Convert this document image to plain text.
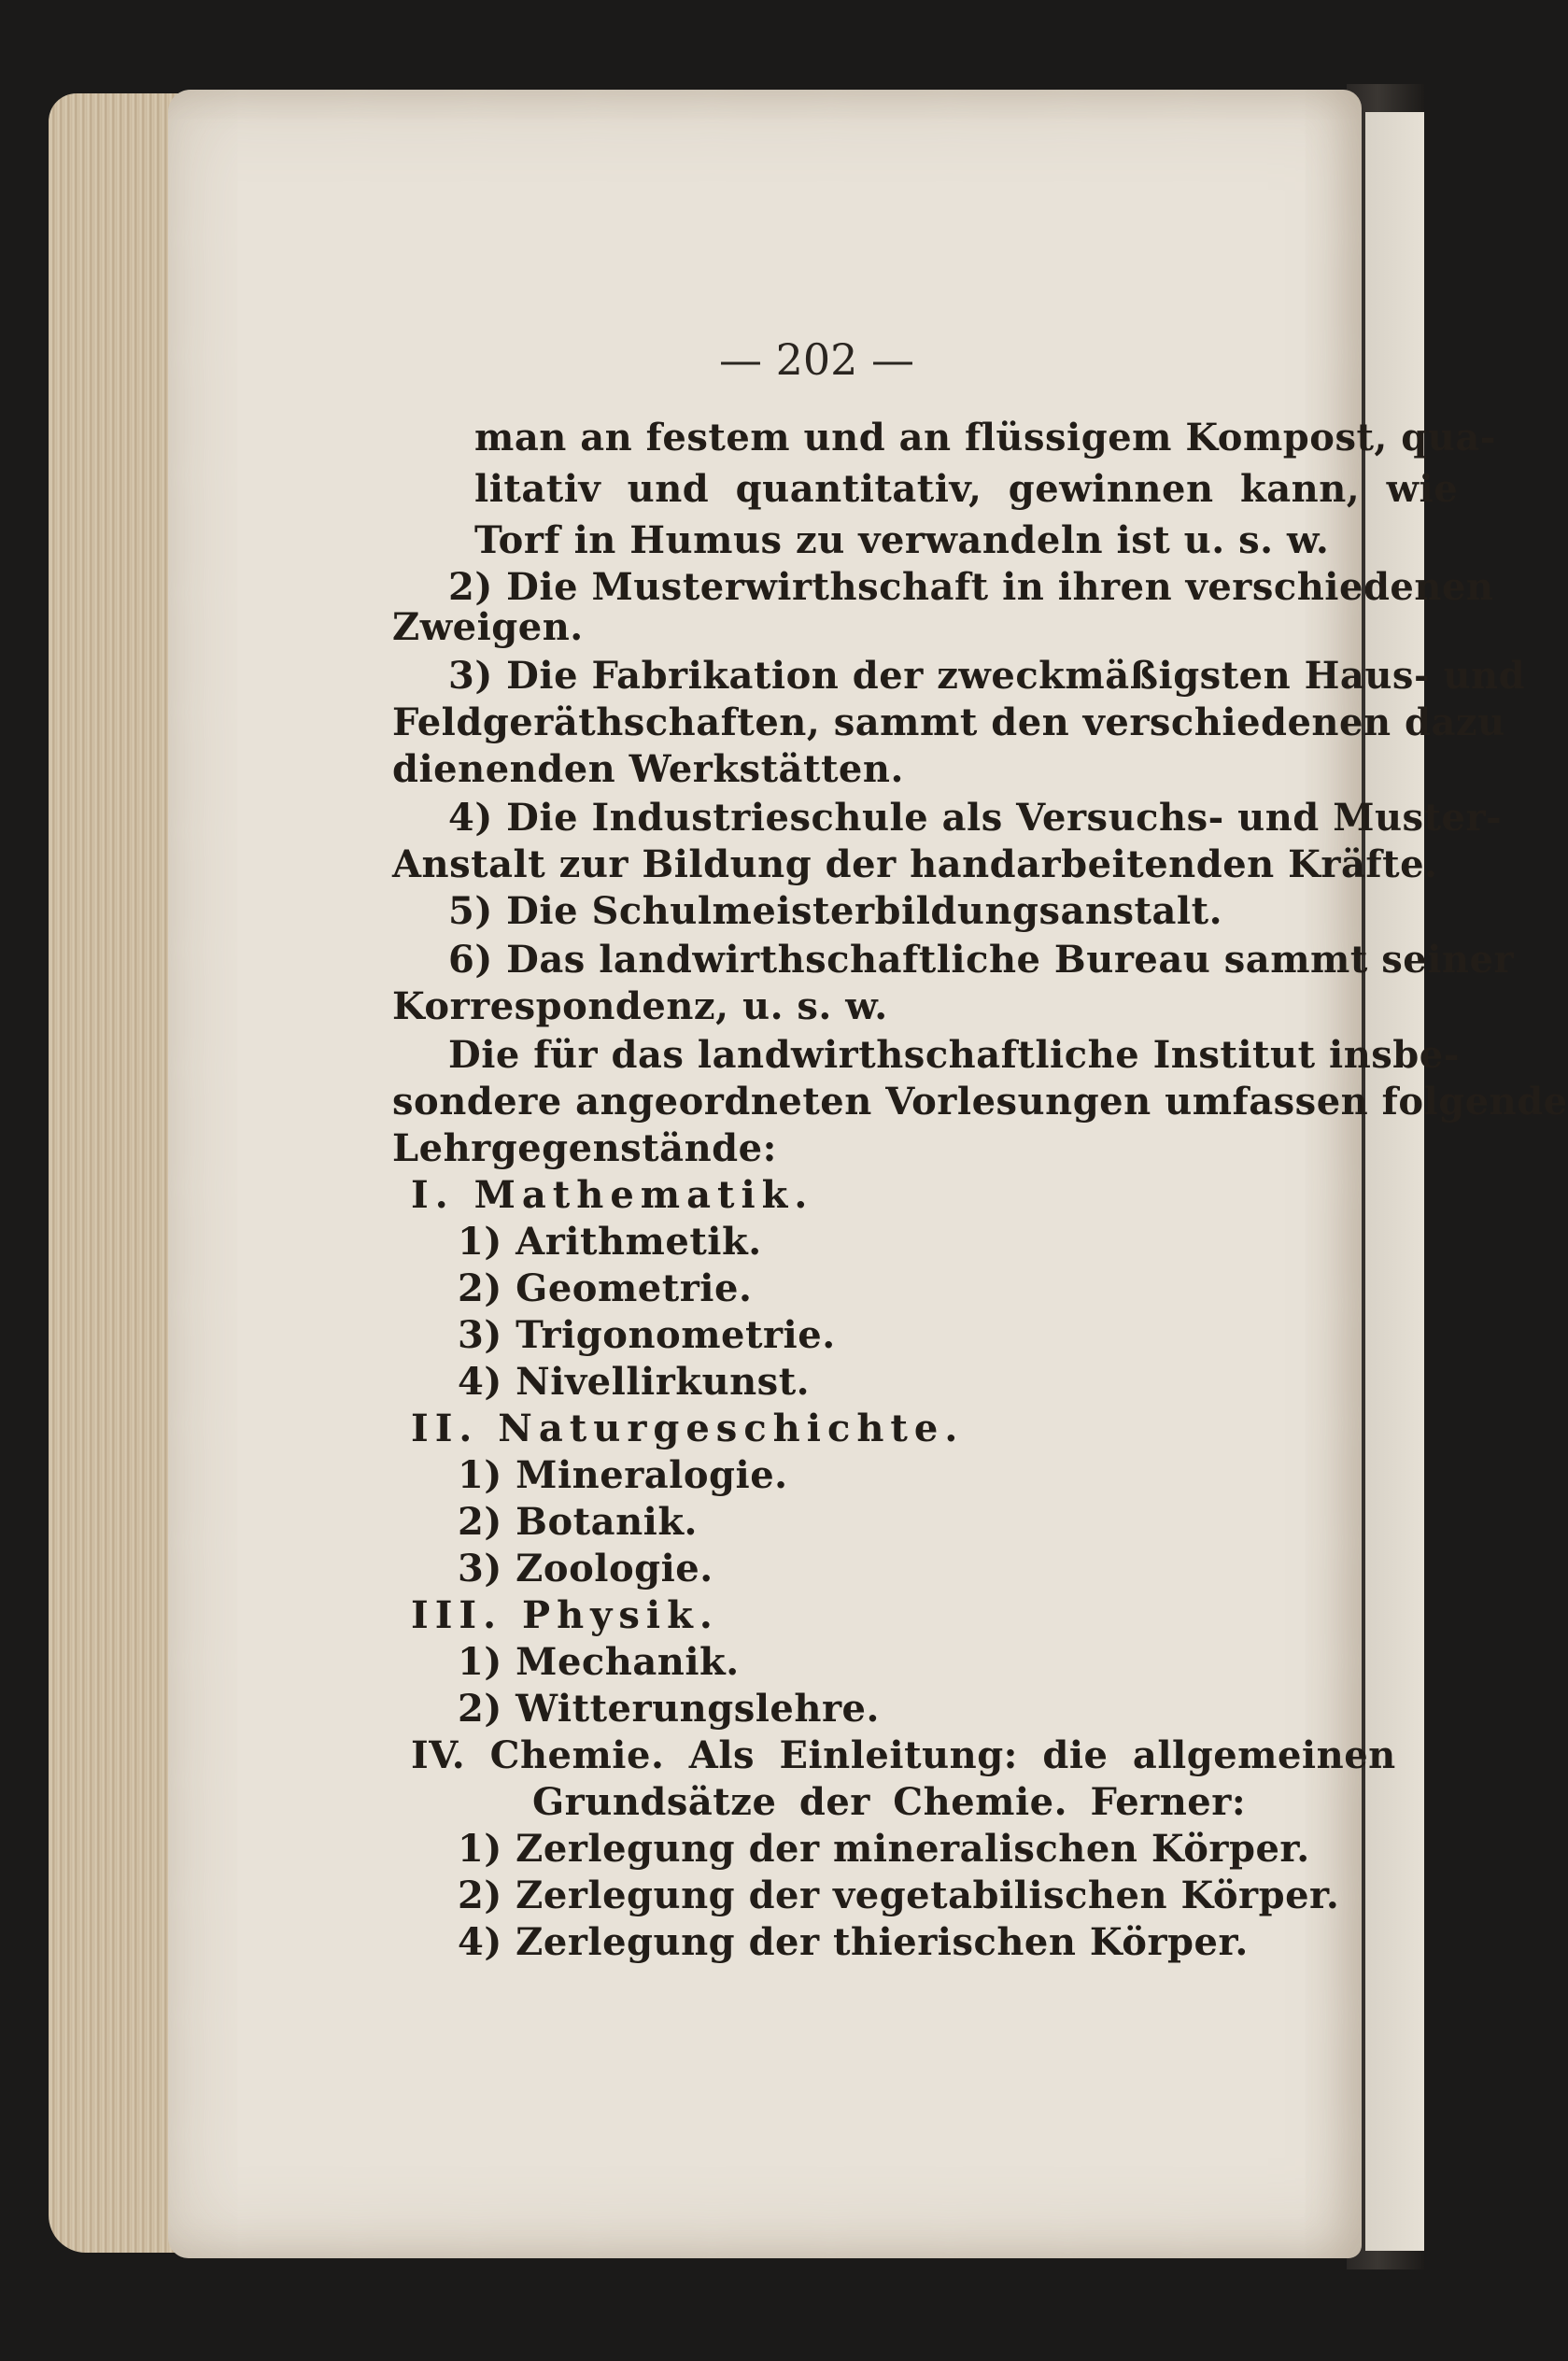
— 202 —
man an festem und an flüssigem Kompost, qua-
litativ und quantitativ, gewinnen kann, wie
Torf in Humus zu verwandeln ist u. s. w.
2) Die Musterwirthschaft in ihren verschiedenen
Zweigen.
3) Die Fabrikation der zweckmäßigsten Haus- und
Feldgeräthschaften, sammt den verschiedenen dazu
dienenden Werkstätten.
4) Die Industrieschule als Versuchs- und Muster-
Anstalt zur Bildung der handarbeitenden Kräfte.
5) Die Schulmeisterbildungsanstalt.
6) Das landwirthschaftliche Bureau sammt seiner
Korrespondenz, u. s. w.
Die für das landwirthschaftliche Institut insbe-
sondere angeordneten Vorlesungen umfassen folgende
Lehrgegenstände:
I. Mathematik.
1) Arithmetik.
2) Geometrie.
3) Trigonometrie.
4) Nivellirkunst.
II. Naturgeschichte.
1) Mineralogie.
2) Botanik.
3) Zoologie.
III. Physik.
1) Mechanik.
2) Witterungslehre.
IV. Chemie. Als Einleitung: die allgemeinen
Grundsätze der Chemie. Ferner:
1) Zerlegung der mineralischen Körper.
2) Zerlegung der vegetabilischen Körper.
4) Zerlegung der thierischen Körper.
